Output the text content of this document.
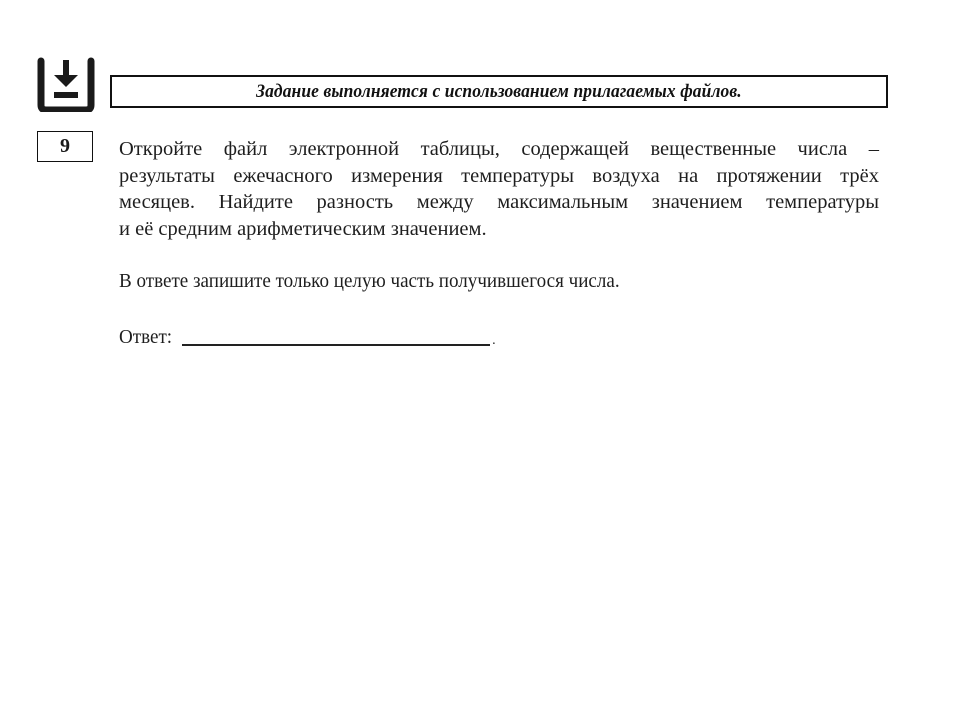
Задание выполняется с использованием прилагаемых файлов.
9	Откройте файл электронной таблицы, содержащей вещественные числа –
результаты ежечасного измерения температуры воздуха на протяжении трёх
месяцев. Найдите разность между максимальным значением температуры
и её средним арифметическим значением.
В ответе запишите только целую часть получившегося числа.
Ответ:	.
